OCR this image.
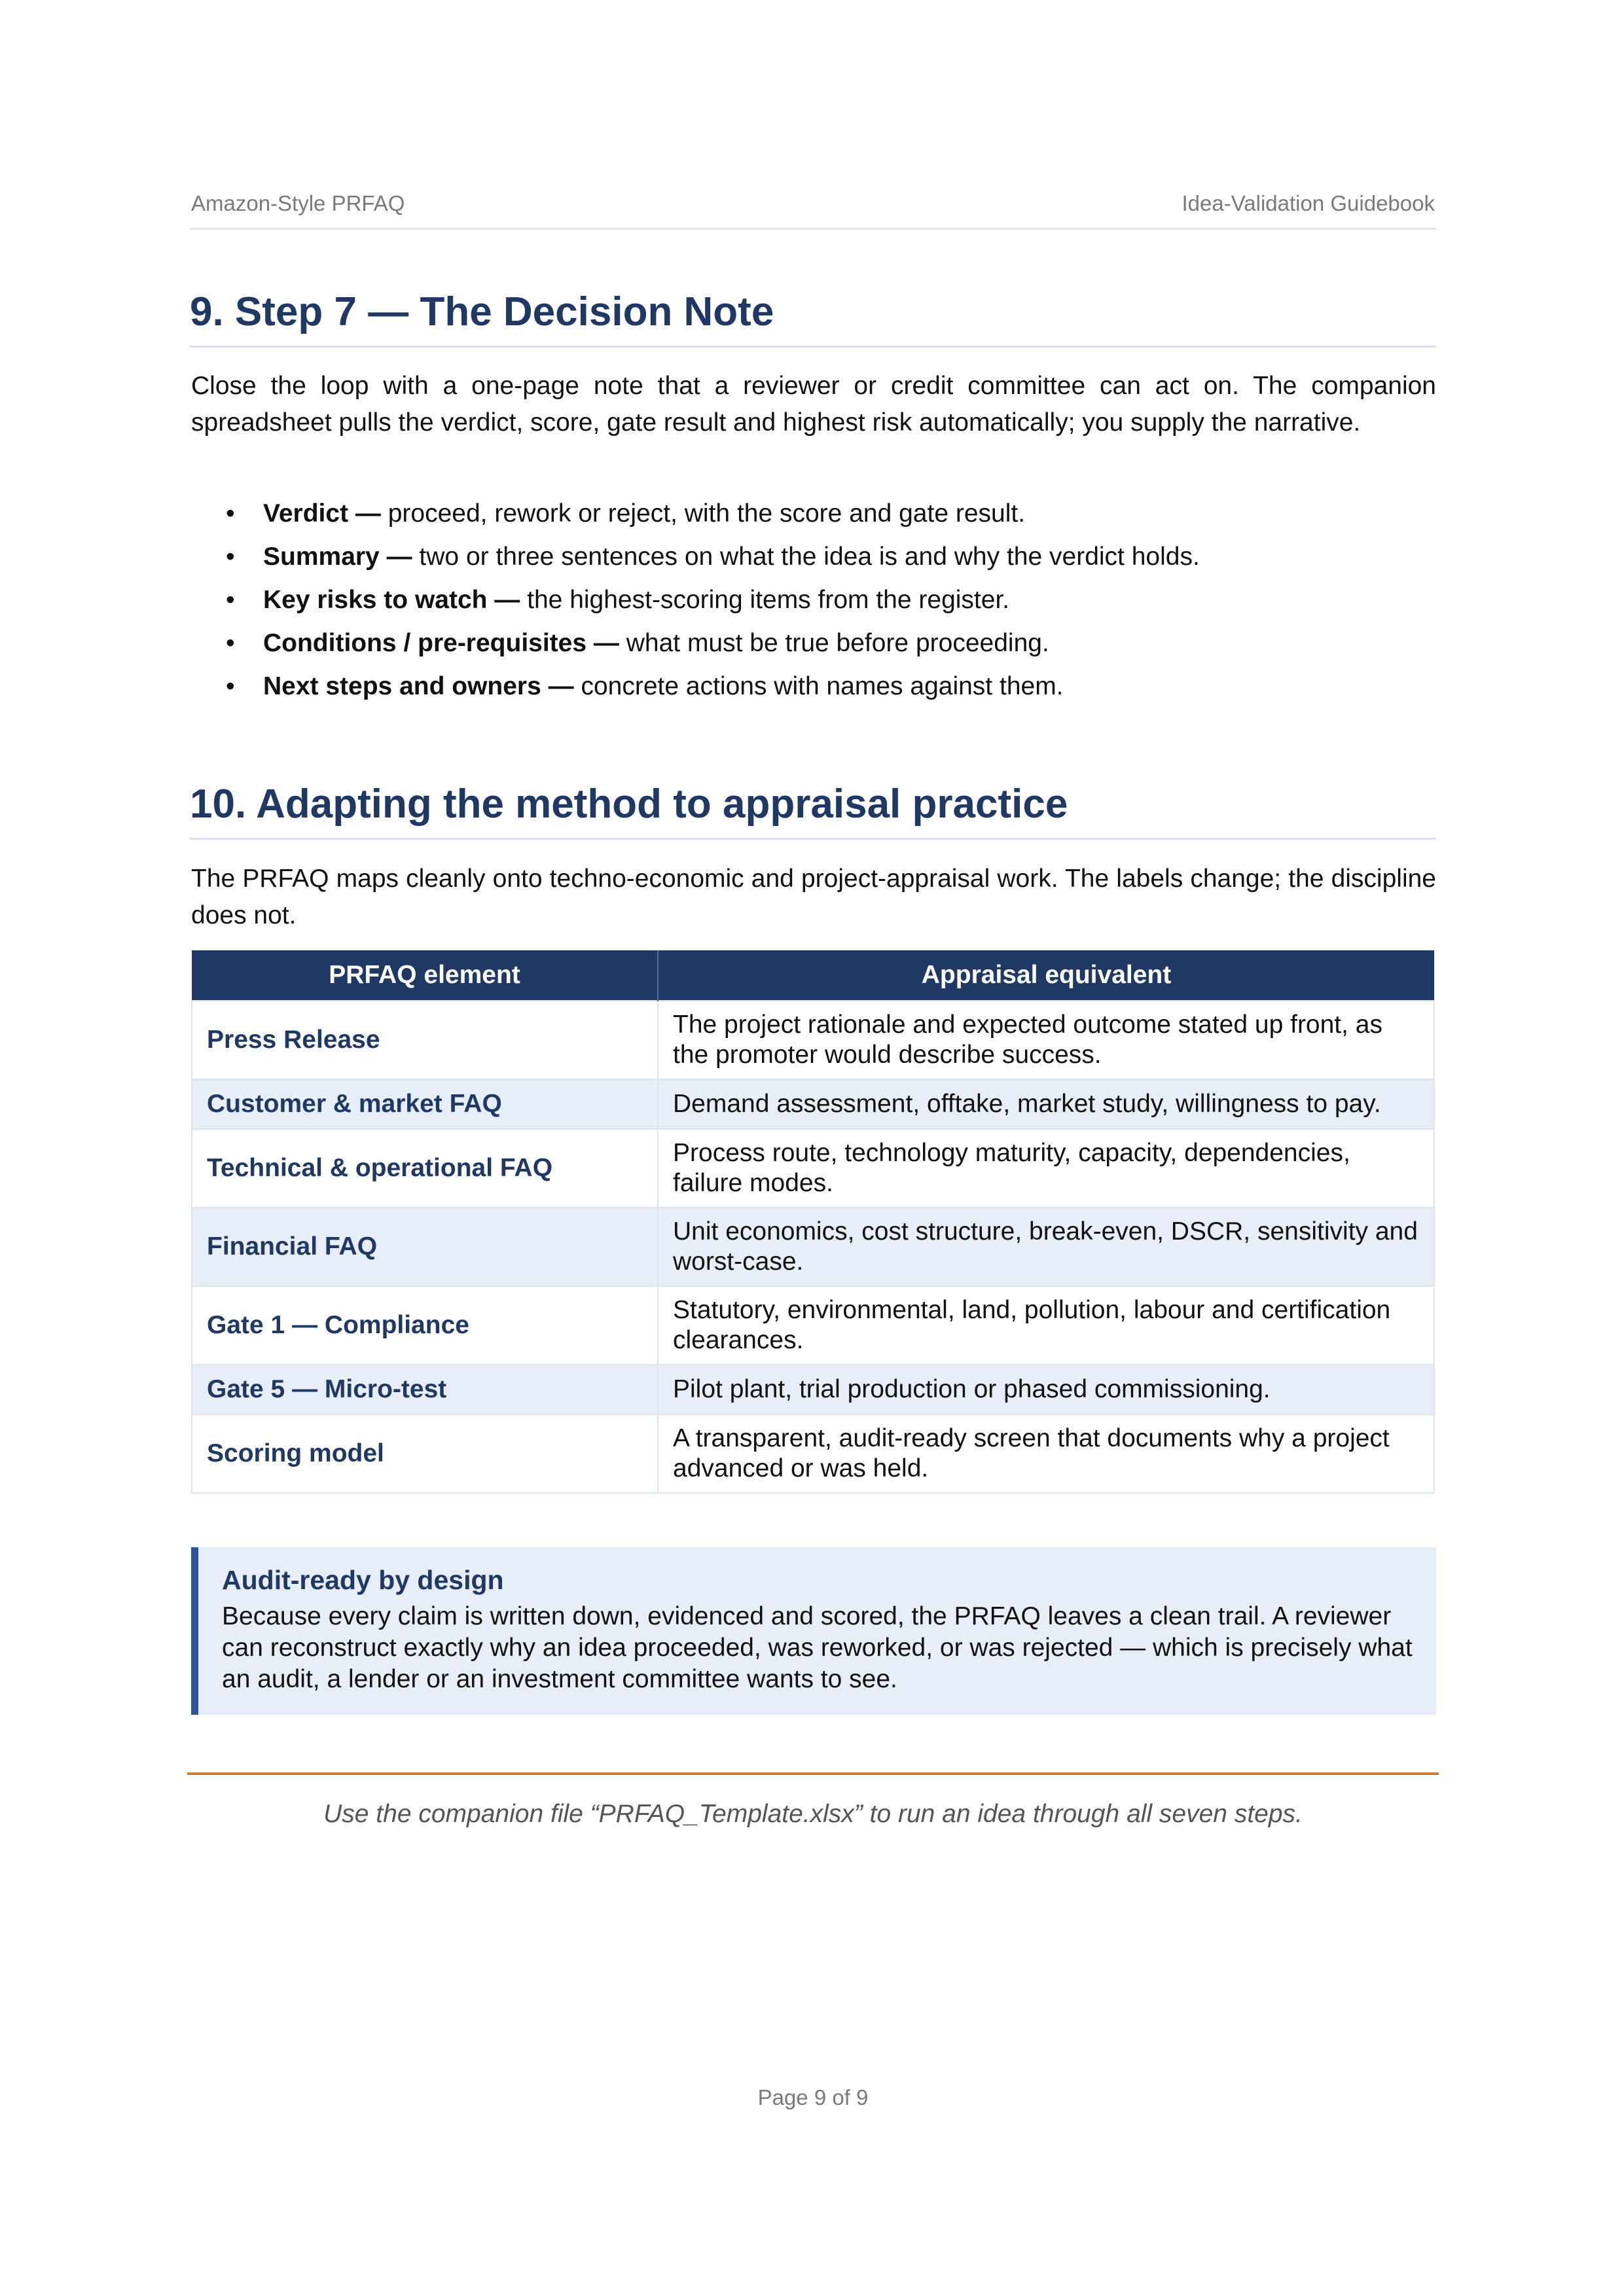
Amazon-Style PRFAQ	Idea-Validation Guidebook
9. Step 7 — The Decision Note

Close the loop with a one-page note that a reviewer or credit committee can act on. The companion spreadsheet pulls the verdict, score, gate result and highest risk automatically; you supply the narrative.

• Verdict — proceed, rework or reject, with the score and gate result.
• Summary — two or three sentences on what the idea is and why the verdict holds.
• Key risks to watch — the highest-scoring items from the register.
• Conditions / pre-requisites — what must be true before proceeding.
• Next steps and owners — concrete actions with names against them.
10. Adapting the method to appraisal practice

The PRFAQ maps cleanly onto techno-economic and project-appraisal work. The labels change; the discipline does not.

PRFAQ element	Appraisal equivalent
Press Release	The project rationale and expected outcome stated up front, as the promoter would describe success.
Customer & market FAQ	Demand assessment, offtake, market study, willingness to pay.
Technical & operational FAQ	Process route, technology maturity, capacity, dependencies, failure modes.
Financial FAQ	Unit economics, cost structure, break-even, DSCR, sensitivity and worst-case.
Gate 1 — Compliance	Statutory, environmental, land, pollution, labour and certification clearances.
Gate 5 — Micro-test	Pilot plant, trial production or phased commissioning.
Scoring model	A transparent, audit-ready screen that documents why a project advanced or was held.

Audit-ready by design

Because every claim is written down, evidenced and scored, the PRFAQ leaves a clean trail. A reviewer can reconstruct exactly why an idea proceeded, was reworked, or was rejected — which is precisely what an audit, a lender or an investment committee wants to see.

Use the companion file “PRFAQ_Template.xlsx” to run an idea through all seven steps.
Page 9 of 9
